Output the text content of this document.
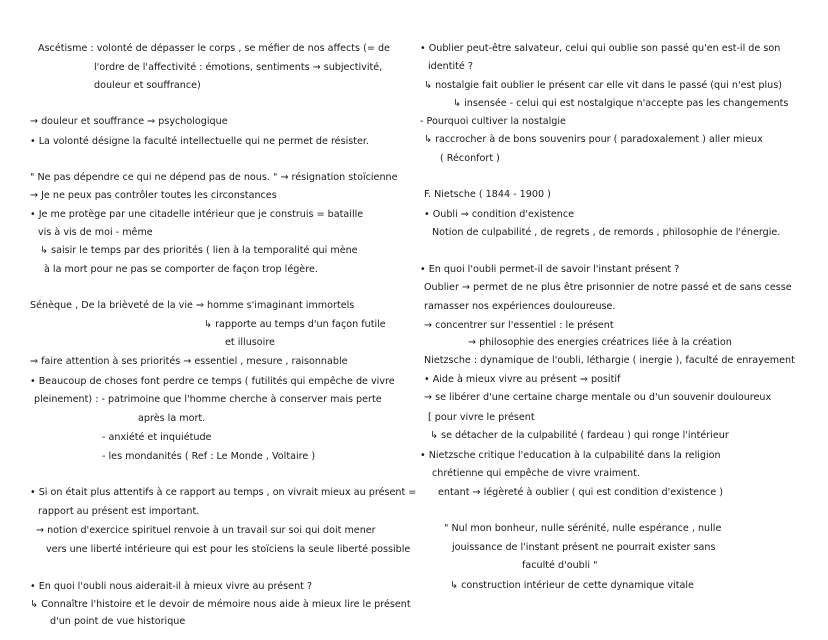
Ascétisme : volonté de dépasser le corps , se méfier de nos affects (= de
l'ordre de l'affectivité : émotions, sentiments → subjectivité,
douleur et souffrance)
→ douleur et souffrance ⇒ psychologique
• La volonté désigne la faculté intellectuelle qui ne permet de résister.
" Ne pas dépendre ce qui ne dépend pas de nous. " → résignation stoïcienne
→ Je ne peux pas contrôler toutes les circonstances
• Je me protège par une citadelle intérieur que je construis = bataille
vis à vis de moi - même
↳ saisir le temps par des priorités ( lien à la temporalité qui mène
à la mort pour ne pas se comporter de façon trop légère.
Sénèque , De la brièveté de la vie ⇒ homme s'imaginant immortels
↳ rapporte au temps d'un façon futile
et illusoire
⇒ faire attention à ses priorités → essentiel , mesure , raisonnable
• Beaucoup de choses font perdre ce temps ( futilités qui empêche de vivre
pleinement) : - patrimoine que l'homme cherche à conserver mais perte
après la mort.
- anxiété et inquiétude
- les mondanités ( Ref : Le Monde , Voltaire )
• Si on était plus attentifs à ce rapport au temps , on vivrait mieux au présent =
rapport au présent est important.
→ notion d'exercice spirituel renvoie à un travail sur soi qui doit mener
vers une liberté intérieure qui est pour les stoïciens la seule liberté possible
• En quoi l'oubli nous aiderait-il à mieux vivre au présent ?
↳ Connaître l'histoire et le devoir de mémoire nous aide à mieux lire le présent
d'un point de vue historique
• Oublier peut-être salvateur, celui qui oublie son passé qu'en est-il de son
identité ?
↳ nostalgie fait oublier le présent car elle vit dans le passé (qui n'est plus)
↳ insensée - celui qui est nostalgique n'accepte pas les changements
- Pourquoi cultiver la nostalgie
↳ raccrocher à de bons souvenirs pour ( paradoxalement ) aller mieux
( Réconfort )
F. Nietsche ( 1844 - 1900 )
• Oubli ⇒ condition d'existence
Notion de culpabilité , de regrets , de remords , philosophie de l'énergie.
• En quoi l'oubli permet-il de savoir l'instant présent ?
Oublier → permet de ne plus être prisonnier de notre passé et de sans cesse
ramasser nos expériences douloureuse.
→ concentrer sur l'essentiel : le présent
→ philosophie des energies créatrices liée à la création
Nietzsche : dynamique de l'oubli, léthargie ( inergie ), faculté de enrayement
• Aide à mieux vivre au présent ⇒ positif
→ se libérer d'une certaine charge mentale ou d'un souvenir douloureux
[ pour vivre le présent
↳ se détacher de la culpabilité ( fardeau ) qui ronge l'intérieur
• Nietzsche critique l'education à la culpabilité dans la religion
chrétienne qui empêche de vivre vraiment.
entant → légèreté à oublier ( qui est condition d'existence )
" Nul mon bonheur, nulle sérénité, nulle espérance , nulle
jouissance de l'instant présent ne pourrait exister sans
faculté d'oubli "
↳ construction intérieur de cette dynamique vitale
